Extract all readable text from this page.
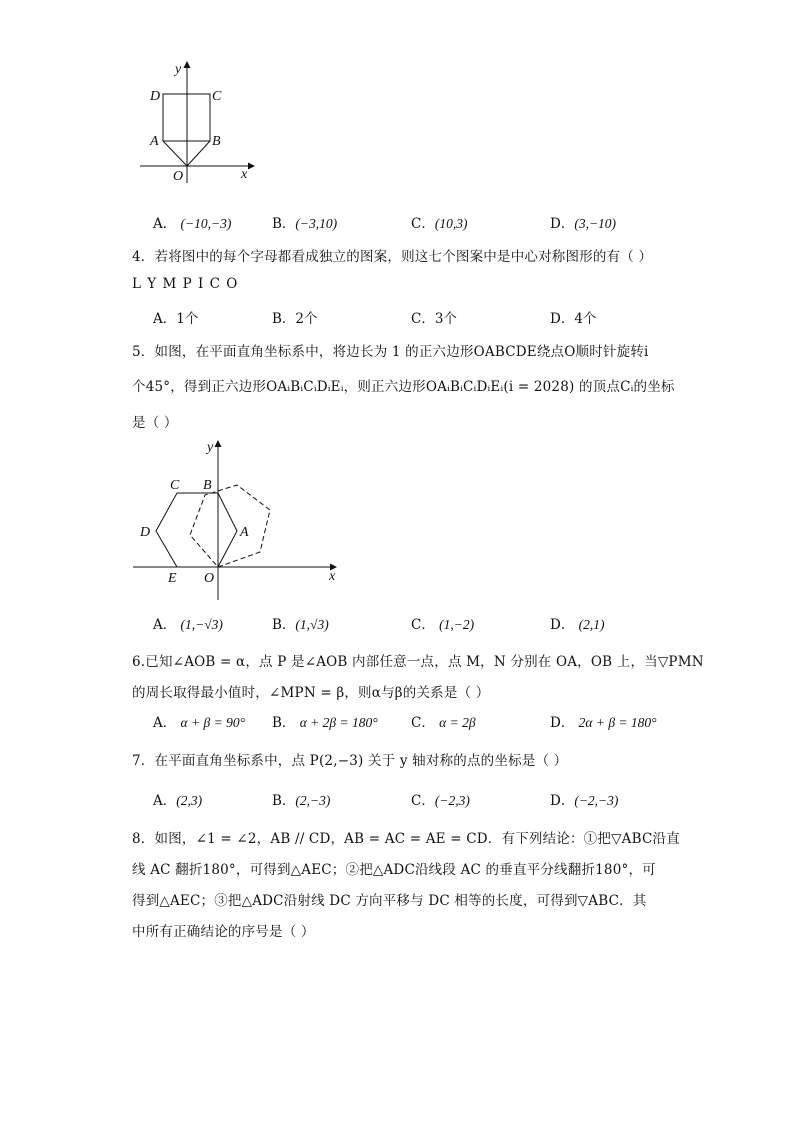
y
D	C
A	B
O	x
A． (−10,−3)	B．(−3,10)	C．(10,3)	D．(3,−10)
4．若将图中的每个字母都看成独立的图案，则这七个图案中是中心对称图形的有（ ）
L Y M P I C O
A．1个	B．2个	C．3个	D．4个
5．如图，在平面直角坐标系中，将边长为 1 的正六边形OABCDE绕点O顺时针旋转i
个45°，得到正六边形OAᵢBᵢCᵢDᵢEᵢ，则正六边形OAᵢBᵢCᵢDᵢEᵢ(i = 2028) 的顶点Cᵢ的坐标
是（ ）
y
C B
D	A
E O	x
A． (1,−√3)	B．(1,√3)	C． (1,−2)	D． (2,1)
6.已知∠AOB = α，点 P 是∠AOB 内部任意一点，点 M，N 分别在 OA，OB 上，当▽PMN
的周长取得最小值时，∠MPN = β，则α与β的关系是（ ）
A． α + β = 90° B． α + 2β = 180° C． α = 2β	D． 2α + β = 180°
7．在平面直角坐标系中，点 P(2,−3) 关于 y 轴对称的点的坐标是（ ）
A．(2,3)	B．(2,−3)	C．(−2,3)	D．(−2,−3)
8．如图，∠1 = ∠2，AB // CD，AB = AC = AE = CD．有下列结论：①把▽ABC沿直
线 AC 翻折180°，可得到△AEC；②把△ADC沿线段 AC 的垂直平分线翻折180°，可
得到△AEC；③把△ADC沿射线 DC 方向平移与 DC 相等的长度，可得到▽ABC．其
中所有正确结论的序号是（ ）
